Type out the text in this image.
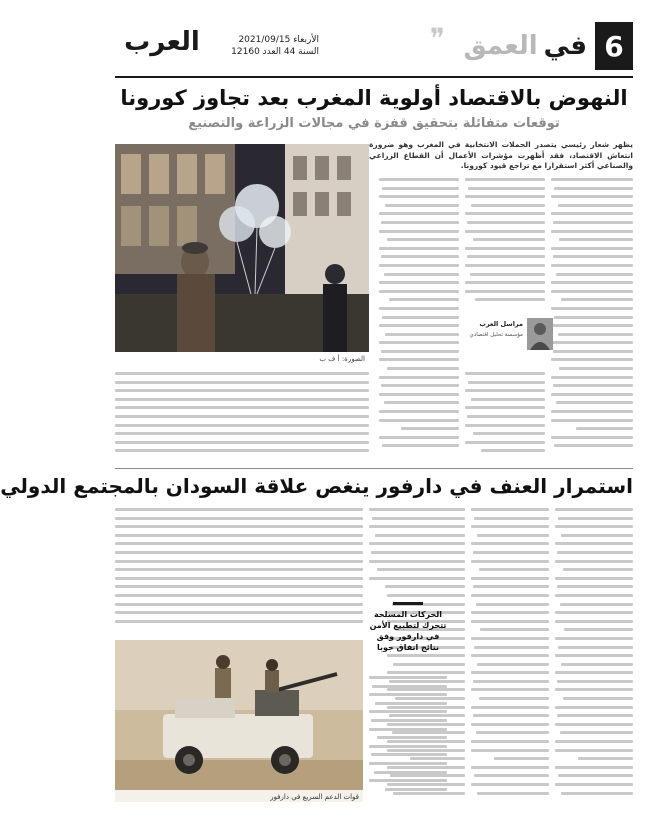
6
في
العمق
❞
الأربعاء 2021/09/15
السنة 44 العدد 12160
العرب
النهوض بالاقتصاد أولوية المغرب بعد تجاوز كورونا
توقعات متفائلة بتحقيق قفزة في مجالات الزراعة والتصنيع
يظهر شعار رئيسي يتصدر الحملات الانتخابية في المغرب وهو ضرورة انتعاش الاقتصاد، فقد أظهرت مؤشرات الأعمال أن القطاع الزراعي والصناعي أكثر استقرارا مع تراجع قيود كورونا.
الصورة: أ ف ب
مراسل العرب
مؤسسة تحليل اقتصادي
استمرار العنف في دارفور ينغص علاقة السودان بالمجتمع الدولي
الحركات المسلحة تتحرك لتطبيع الأمن في دارفور وفق نتائج اتفاق جوبا
قوات الدعم السريع في دارفور
